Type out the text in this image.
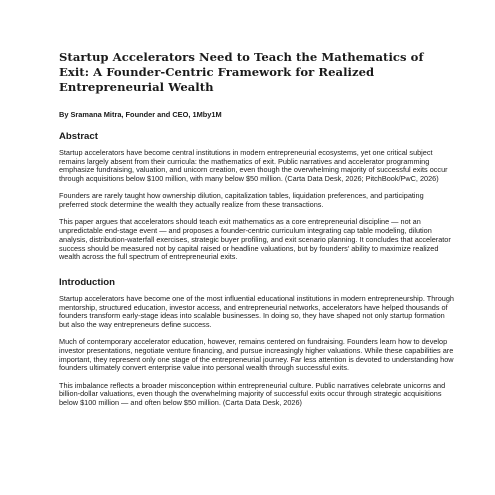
Startup Accelerators Need to Teach the Mathematics of Exit: A Founder-Centric Framework for Realized Entrepreneurial Wealth
By Sramana Mitra, Founder and CEO, 1Mby1M
Abstract

Startup accelerators have become central institutions in modern entrepreneurial ecosystems, yet one critical subject remains largely absent from their curricula: the mathematics of exit. Public narratives and accelerator programming emphasize fundraising, valuation, and unicorn creation, even though the overwhelming majority of successful exits occur through acquisitions below $100 million, with many below $50 million. (Carta Data Desk, 2026; PitchBook/PwC, 2026)

Founders are rarely taught how ownership dilution, capitalization tables, liquidation preferences, and participating preferred stock determine the wealth they actually realize from these transactions.

This paper argues that accelerators should teach exit mathematics as a core entrepreneurial discipline — not an unpredictable end-stage event — and proposes a founder-centric curriculum integrating cap table modeling, dilution analysis, distribution-waterfall exercises, strategic buyer profiling, and exit scenario planning. It concludes that accelerator success should be measured not by capital raised or headline valuations, but by founders' ability to maximize realized wealth across the full spectrum of entrepreneurial exits.

Introduction

Startup accelerators have become one of the most influential educational institutions in modern entrepreneurship. Through mentorship, structured education, investor access, and entrepreneurial networks, accelerators have helped thousands of founders transform early-stage ideas into scalable businesses. In doing so, they have shaped not only startup formation but also the way entrepreneurs define success.

Much of contemporary accelerator education, however, remains centered on fundraising. Founders learn how to develop investor presentations, negotiate venture financing, and pursue increasingly higher valuations. While these capabilities are important, they represent only one stage of the entrepreneurial journey. Far less attention is devoted to understanding how founders ultimately convert enterprise value into personal wealth through successful exits.

This imbalance reflects a broader misconception within entrepreneurial culture. Public narratives celebrate unicorns and billion-dollar valuations, even though the overwhelming majority of successful exits occur through strategic acquisitions below $100 million — and often below $50 million. (Carta Data Desk, 2026)
